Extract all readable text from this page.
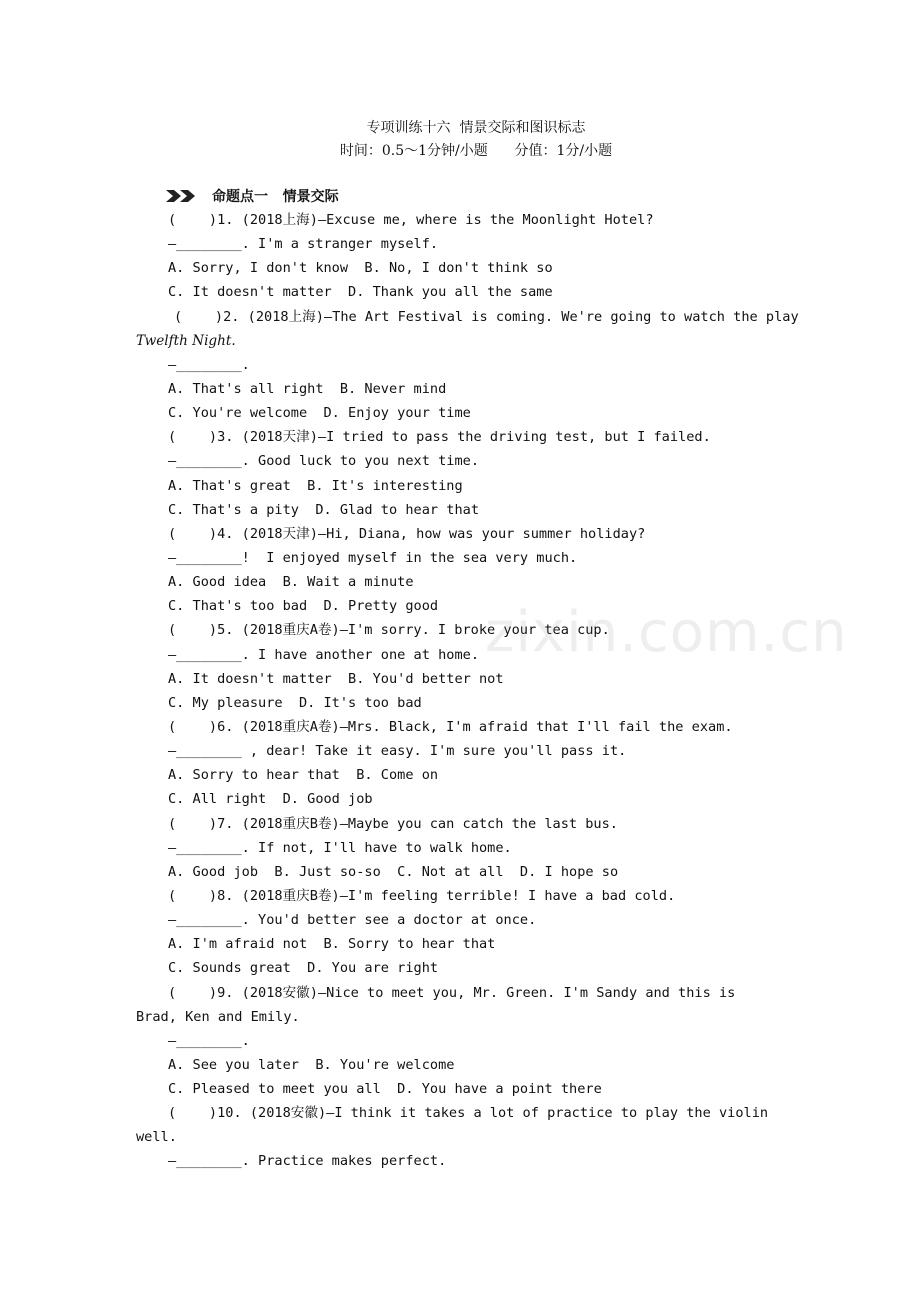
专项训练十六  情景交际和图识标志
时间：0.5～1分钟/小题      分值：1分/小题
命题点一   情景交际
(    )1. (2018上海)—Excuse me, where is the Moonlight Hotel?
—________. I'm a stranger myself.
A. Sorry, I don't know  B. No, I don't think so
C. It doesn't matter  D. Thank you all the same
(    )2. (2018上海)—The Art Festival is coming. We're going to watch the play
Twelfth Night.
—________.
A. That's all right  B. Never mind
C. You're welcome  D. Enjoy your time
(    )3. (2018天津)—I tried to pass the driving test, but I failed.
—________. Good luck to you next time.
A. That's great  B. It's interesting
C. That's a pity  D. Glad to hear that
(    )4. (2018天津)—Hi, Diana, how was your summer holiday?
—________!  I enjoyed myself in the sea very much.
A. Good idea  B. Wait a minute
C. That's too bad  D. Pretty good
(    )5. (2018重庆A卷)—I'm sorry. I broke your tea cup.
—________. I have another one at home.
A. It doesn't matter  B. You'd better not
C. My pleasure  D. It's too bad
(    )6. (2018重庆A卷)—Mrs. Black, I'm afraid that I'll fail the exam.
—________ , dear! Take it easy. I'm sure you'll pass it.
A. Sorry to hear that  B. Come on
C. All right  D. Good job
(    )7. (2018重庆B卷)—Maybe you can catch the last bus.
—________. If not, I'll have to walk home.
A. Good job  B. Just so-so  C. Not at all  D. I hope so
(    )8. (2018重庆B卷)—I'm feeling terrible! I have a bad cold.
—________. You'd better see a doctor at once.
A. I'm afraid not  B. Sorry to hear that
C. Sounds great  D. You are right
(    )9. (2018安徽)—Nice to meet you, Mr. Green. I'm Sandy and this is
Brad, Ken and Emily.
—________.
A. See you later  B. You're welcome
C. Pleased to meet you all  D. You have a point there
(    )10. (2018安徽)—I think it takes a lot of practice to play the violin
well.
—________. Practice makes perfect.
zixin.com.cn
